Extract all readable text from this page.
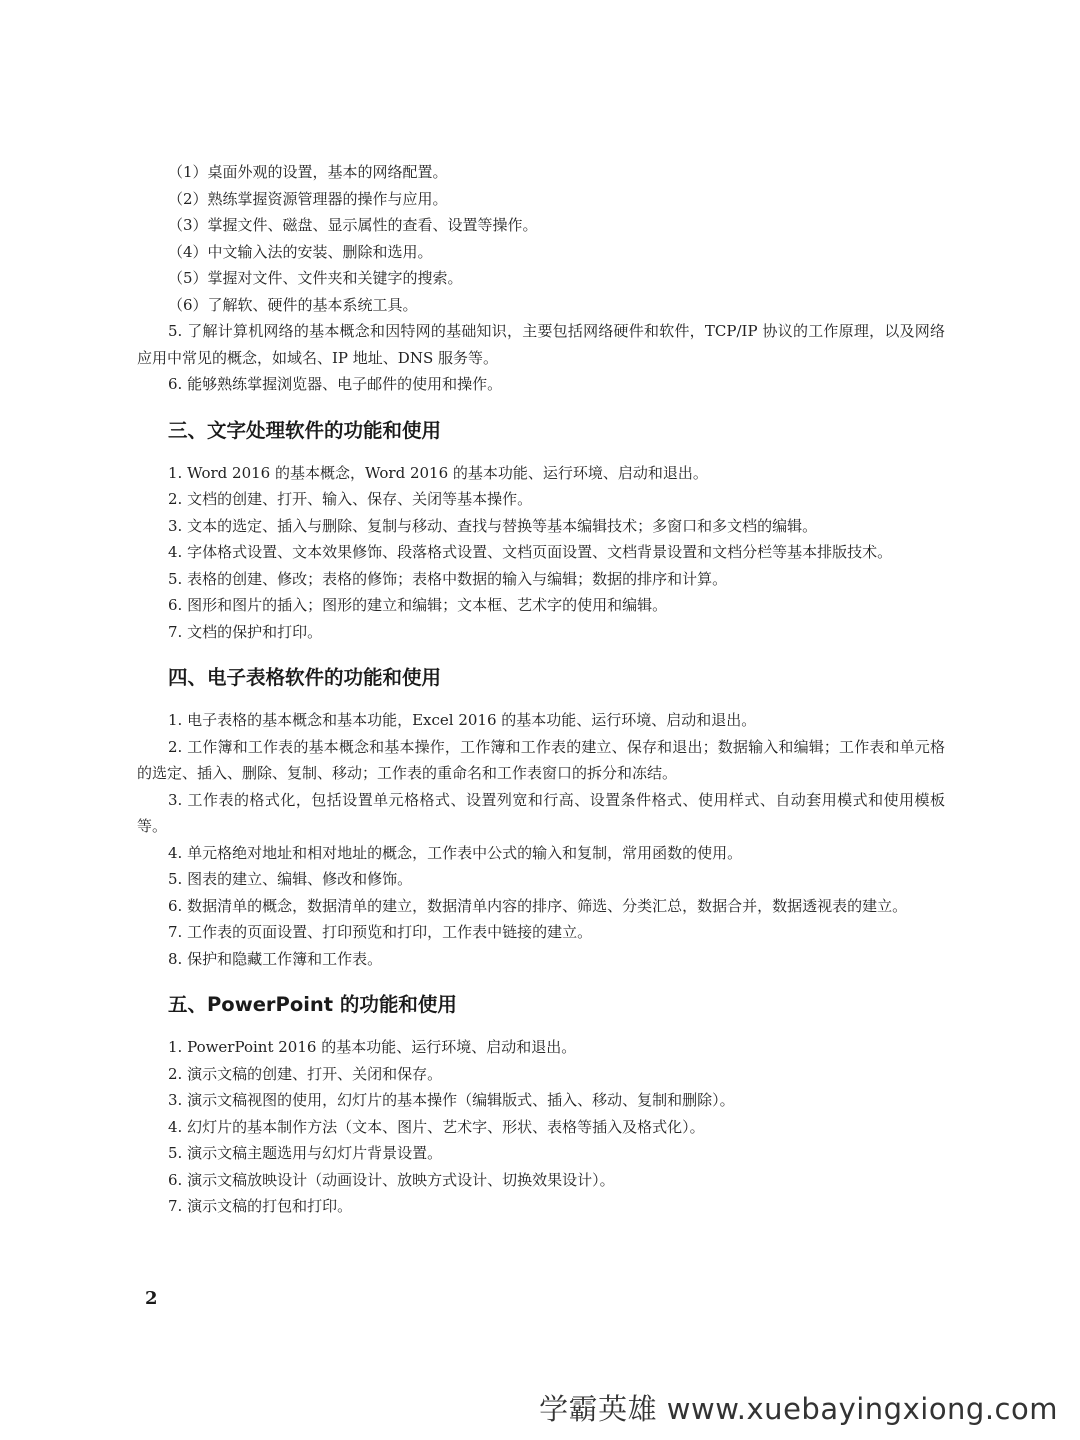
（1）桌面外观的设置，基本的网络配置。
（2）熟练掌握资源管理器的操作与应用。
（3）掌握文件、磁盘、显示属性的查看、设置等操作。
（4）中文输入法的安装、删除和选用。
（5）掌握对文件、文件夹和关键字的搜索。
（6）了解软、硬件的基本系统工具。
5. 了解计算机网络的基本概念和因特网的基础知识，主要包括网络硬件和软件，TCP/IP 协议的工作原理，以及网络应用中常见的概念，如域名、IP 地址、DNS 服务等。
6. 能够熟练掌握浏览器、电子邮件的使用和操作。
三、文字处理软件的功能和使用
1. Word 2016 的基本概念，Word 2016 的基本功能、运行环境、启动和退出。
2. 文档的创建、打开、输入、保存、关闭等基本操作。
3. 文本的选定、插入与删除、复制与移动、查找与替换等基本编辑技术；多窗口和多文档的编辑。
4. 字体格式设置、文本效果修饰、段落格式设置、文档页面设置、文档背景设置和文档分栏等基本排版技术。
5. 表格的创建、修改；表格的修饰；表格中数据的输入与编辑；数据的排序和计算。
6. 图形和图片的插入；图形的建立和编辑；文本框、艺术字的使用和编辑。
7. 文档的保护和打印。
四、电子表格软件的功能和使用
1. 电子表格的基本概念和基本功能，Excel 2016 的基本功能、运行环境、启动和退出。
2. 工作簿和工作表的基本概念和基本操作，工作簿和工作表的建立、保存和退出；数据输入和编辑；工作表和单元格的选定、插入、删除、复制、移动；工作表的重命名和工作表窗口的拆分和冻结。
3. 工作表的格式化，包括设置单元格格式、设置列宽和行高、设置条件格式、使用样式、自动套用模式和使用模板等。
4. 单元格绝对地址和相对地址的概念，工作表中公式的输入和复制，常用函数的使用。
5. 图表的建立、编辑、修改和修饰。
6. 数据清单的概念，数据清单的建立，数据清单内容的排序、筛选、分类汇总，数据合并，数据透视表的建立。
7. 工作表的页面设置、打印预览和打印，工作表中链接的建立。
8. 保护和隐藏工作簿和工作表。
五、PowerPoint 的功能和使用
1. PowerPoint 2016 的基本功能、运行环境、启动和退出。
2. 演示文稿的创建、打开、关闭和保存。
3. 演示文稿视图的使用，幻灯片的基本操作（编辑版式、插入、移动、复制和删除）。
4. 幻灯片的基本制作方法（文本、图片、艺术字、形状、表格等插入及格式化）。
5. 演示文稿主题选用与幻灯片背景设置。
6. 演示文稿放映设计（动画设计、放映方式设计、切换效果设计）。
7. 演示文稿的打包和打印。
2
学霸英雄 www.xuebayingxiong.com
